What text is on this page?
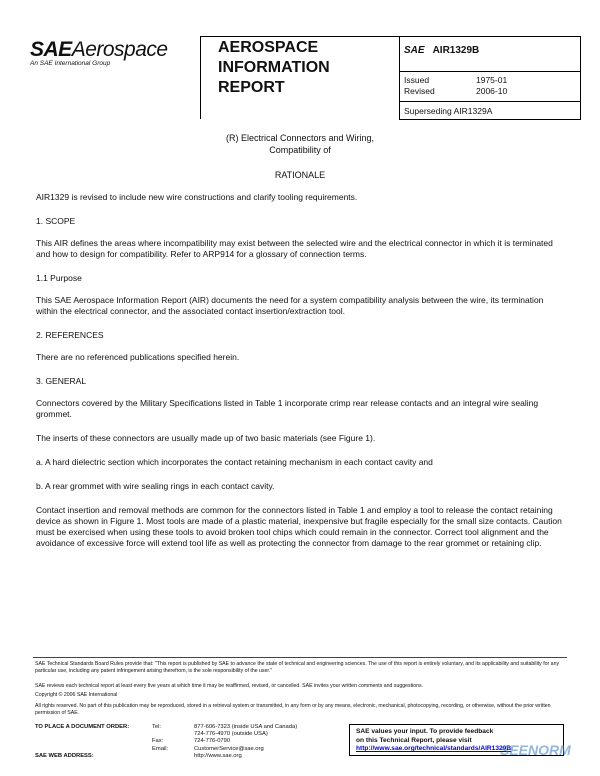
SAEAerospace
An SAE International Group
AEROSPACE
INFORMATION
REPORT
SAE AIR1329B
Issued	1975-01
Revised	2006-10
Superseding AIR1329A
(R) Electrical Connectors and Wiring,
Compatibility of
RATIONALE
AIR1329 is revised to include new wire constructions and clarify tooling requirements.
1. SCOPE
This AIR defines the areas where incompatibility may exist between the selected wire and the electrical connector in which it is terminated and how to design for compatibility. Refer to ARP914 for a glossary of connection terms.
1.1 Purpose
This SAE Aerospace Information Report (AIR) documents the need for a system compatibility analysis between the wire, its termination within the electrical connector, and the associated contact insertion/extraction tool.
2. REFERENCES
There are no referenced publications specified herein.
3. GENERAL
Connectors covered by the Military Specifications listed in Table 1 incorporate crimp rear release contacts and an integral wire sealing grommet.
The inserts of these connectors are usually made up of two basic materials (see Figure 1).
a. A hard dielectric section which incorporates the contact retaining mechanism in each contact cavity and
b. A rear grommet with wire sealing rings in each contact cavity.
Contact insertion and removal methods are common for the connectors listed in Table 1 and employ a tool to release the contact retaining device as shown in Figure 1. Most tools are made of a plastic material, inexpensive but fragile especially for the small size contacts. Caution must be exercised when using these tools to avoid broken tool chips which could remain in the connector. Correct tool alignment and the avoidance of excessive force will extend tool life as well as protecting the connector from damage to the rear grommet or retaining clip.
SAE Technical Standards Board Rules provide that: "This report is published by SAE to advance the state of technical and engineering sciences. The use of this report is entirely voluntary, and its applicability and suitability for any particular use, including any patent infringement arising therefrom, is the sole responsibility of the user."
SAE reviews each technical report at least every five years at which time it may be reaffirmed, revised, or cancelled. SAE invites your written comments and suggestions.
Copyright © 2006 SAE International
All rights reserved. No part of this publication may be reproduced, stored in a retrieval system or transmitted, in any form or by any means, electronic, mechanical, photocopying, recording, or otherwise, without the prior written permission of SAE.
TO PLACE A DOCUMENT ORDER:	Tel:	877-606-7323 (inside USA and Canada)
724-776-4970 (outside USA)
Fax:	724-776-0790
Email:	CustomerService@sae.org
SAE WEB ADDRESS:	http://www.sae.org
SAE values your input. To provide feedback
on this Technical Report, please visit
http://www.sae.org/technical/standards/AIR1329B
SEENORM
